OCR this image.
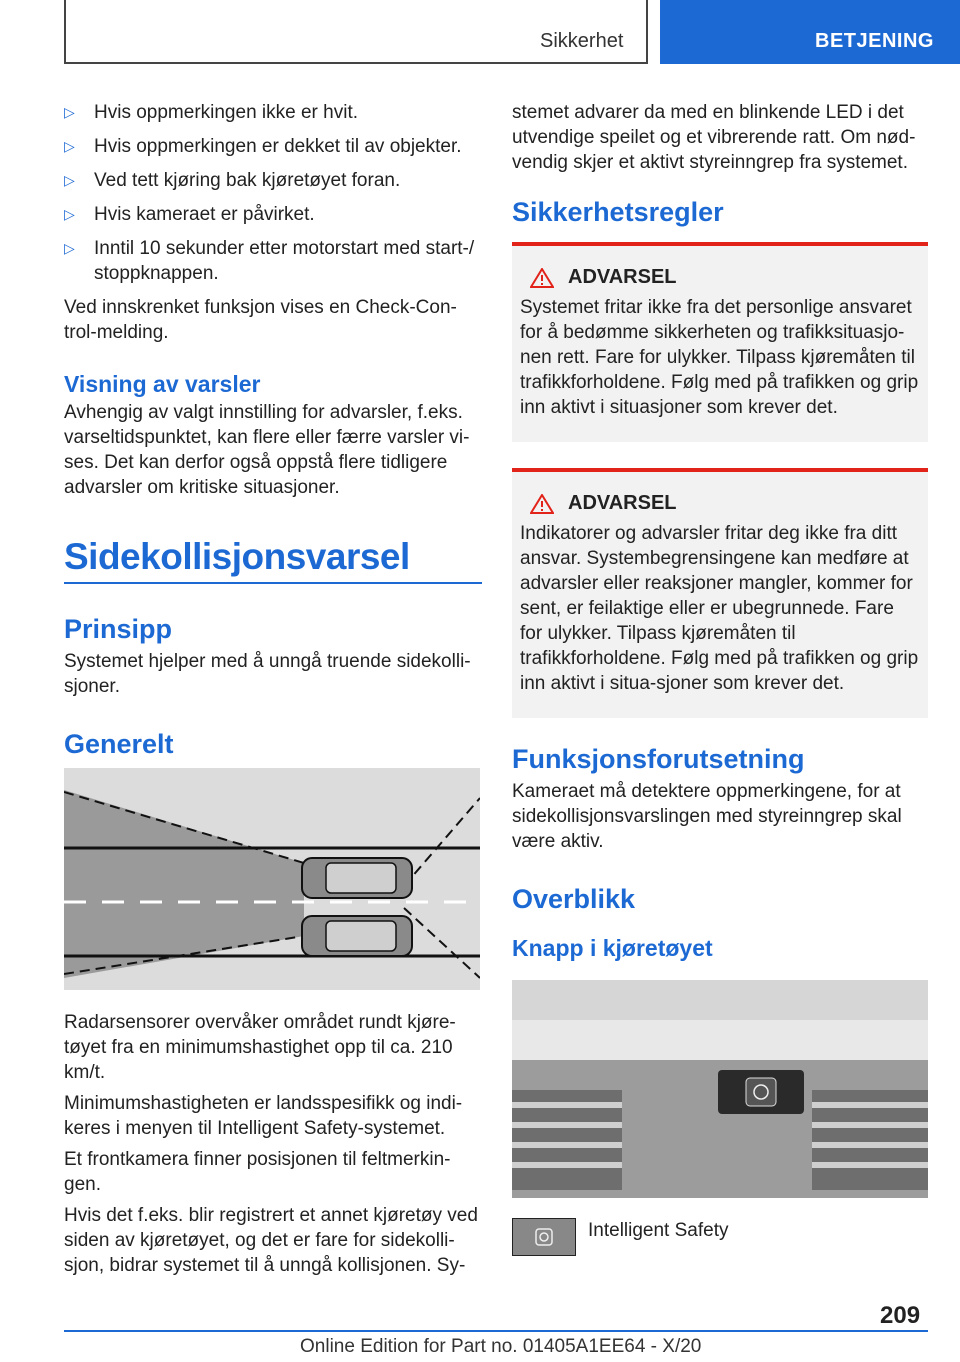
Sikkerhet	BETJENING
▷ Hvis oppmerkingen ikke er hvit.
▷ Hvis oppmerkingen er dekket til av objekter.
▷ Ved tett kjøring bak kjøretøyet foran.
▷ Hvis kameraet er påvirket.
▷ Inntil 10 sekunder etter motorstart med start-/ stoppknappen.

Ved innskrenket funksjon vises en Check-Con-trol-melding.

Visning av varsler

Avhengig av valgt innstilling for advarsler, f.eks. varseltidspunktet, kan flere eller færre varsler vi-ses. Det kan derfor også oppstå flere tidligere advarsler om kritiske situasjoner.

Sidekollisjonsvarsel
Prinsipp

Systemet hjelper med å unngå truende sidekolli-sjoner.

Generelt

Radarsensorer overvåker området rundt kjøre-tøyet fra en minimumshastighet opp til ca. 210 km/t.

Minimumshastigheten er landsspesifikk og indi-keres i menyen til Intelligent Safety-systemet.

Et frontkamera finner posisjonen til feltmerkin-gen.

Hvis det f.eks. blir registrert et annet kjøretøy ved siden av kjøretøyet, og det er fare for sidekolli-sjon, bidrar systemet til å unngå kollisjonen. Sy-

stemet advarer da med en blinkende LED i det utvendige speilet og et vibrerende ratt. Om nød-vendig skjer et aktivt styreinngrep fra systemet.

Sikkerhetsregler
ADVARSEL

Systemet fritar ikke fra det personlige ansvaret for å bedømme sikkerheten og trafikksituasjo-nen rett. Fare for ulykker. Tilpass kjøremåten til trafikkforholdene. Følg med på trafikken og grip inn aktivt i situasjoner som krever det.

ADVARSEL

Indikatorer og advarsler fritar deg ikke fra ditt ansvar. Systembegrensingene kan medføre at advarsler eller reaksjoner mangler, kommer for sent, er feilaktige eller er ubegrunnede. Fare for ulykker. Tilpass kjøremåten til trafikkforholdene. Følg med på trafikken og grip inn aktivt i situa-sjoner som krever det.

Funksjonsforutsetning

Kameraet må detektere oppmerkingene, for at sidekollisjonsvarslingen med styreinngrep skal være aktiv.

Overblikk
Knapp i kjøretøyet

Intelligent Safety

209
Online Edition for Part no. 01405A1EE64 - X/20
